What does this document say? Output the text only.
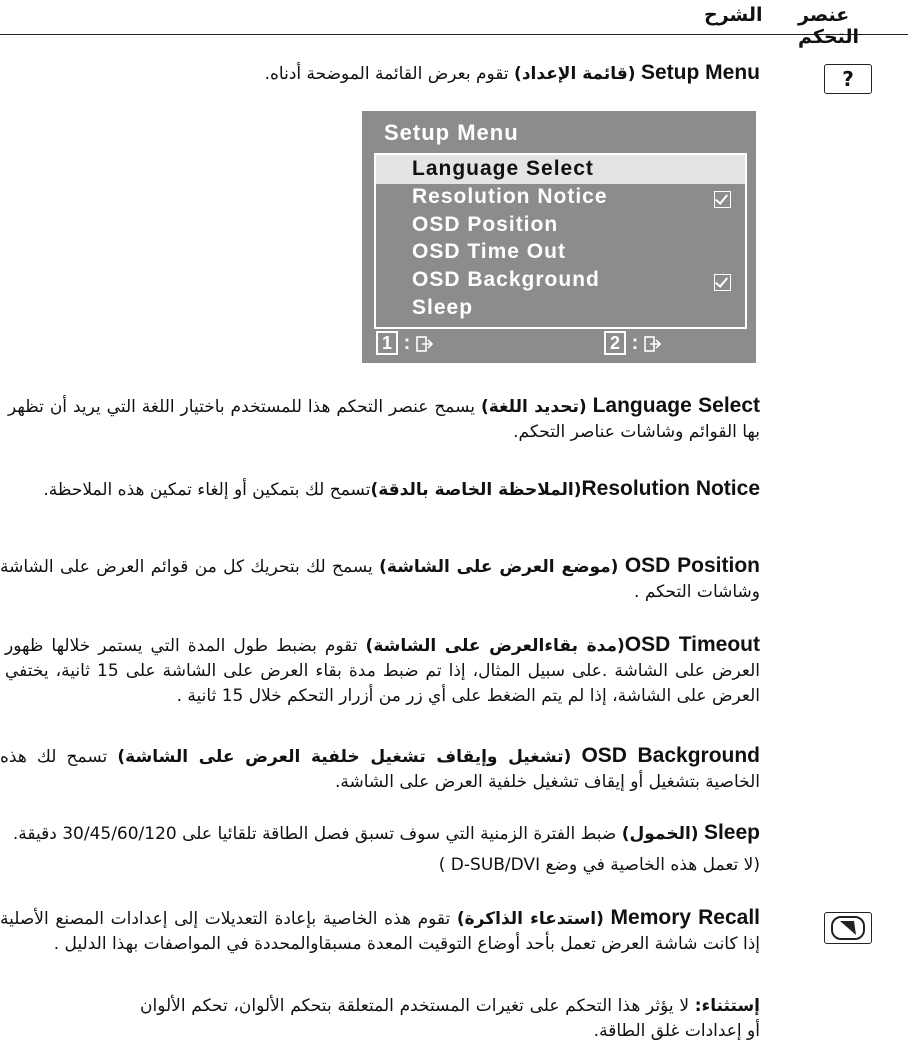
عنصر التحكم
الشرح
?
Setup Menu (قائمة الإعداد) تقوم بعرض القائمة الموضحة أدناه.
Setup Menu
Language Select
Resolution Notice
OSD Position
OSD Time Out
OSD Background
Sleep
1 :	2 :
Language Select (تحديد اللغة) يسمح عنصر التحكم هذا للمستخدم باختيار اللغة التي يريد أن تظهر بها القوائم وشاشات عناصر التحكم.
Resolution Notice(الملاحظة الخاصة بالدقة)تسمح لك بتمكين أو إلغاء تمكين هذه الملاحظة.
OSD Position (موضع العرض على الشاشة) يسمح لك بتحريك كل من قوائم العرض على الشاشة وشاشات التحكم .
OSD Timeout(مدة بقاءالعرض على الشاشة) تقوم بضبط طول المدة التي يستمر خلالها ظهور العرض على الشاشة .على سبيل المثال، إذا تم ضبط مدة بقاء العرض على الشاشة على 15 ثانية، يختفي العرض على الشاشة، إذا لم يتم الضغط على أي زر من أزرار التحكم خلال 15 ثانية .
OSD Background (تشغيل وإيقاف تشغيل خلفية العرض على الشاشة) تسمح لك هذه الخاصية بتشغيل أو إيقاف تشغيل خلفية العرض على الشاشة.
Sleep (الخمول) ضبط الفترة الزمنية التي سوف تسبق فصل الطاقة تلقائيا على 30/45/60/120 دقيقة.
(لا تعمل هذه الخاصية في وضع D-SUB/DVI )
Memory Recall (استدعاء الذاكرة) تقوم هذه الخاصية بإعادة التعديلات إلى إعدادات المصنع الأصلية إذا كانت شاشة العرض تعمل بأحد أوضاع التوقيت المعدة مسبقاوالمحددة في المواصفات بهذا الدليل .
إستثناء: لا يؤثر هذا التحكم على تغيرات المستخدم المتعلقة بتحكم الألوان، تحكم الألوان أو إعدادات غلق الطاقة.
